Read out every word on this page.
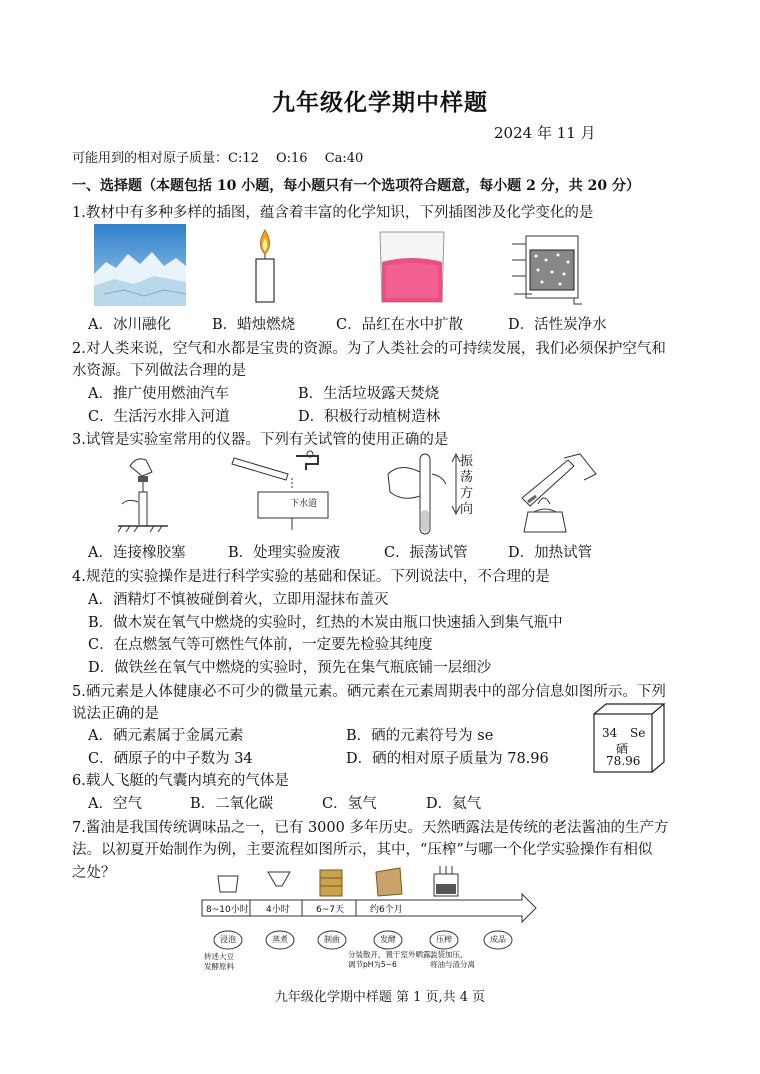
九年级化学期中样题
2024 年 11 月
可能用到的相对原子质量：C:12　 O:16 　Ca:40
一、选择题（本题包括 10 小题，每小题只有一个选项符合题意，每小题 2 分，共 20 分）
1.教材中有多种多样的插图，蕴含着丰富的化学知识，下列插图涉及化学变化的是
A．冰川融化	B．蜡烛燃烧	C．品红在水中扩散	D．活性炭净水
2.对人类来说，空气和水都是宝贵的资源。为了人类社会的可持续发展，我们必须保护空气和
水资源。下列做法合理的是
A．推广使用燃油汽车	B．生活垃圾露天焚烧
C．生活污水排入河道	D．积极行动植树造林
3.试管是实验室常用的仪器。下列有关试管的使用正确的是
下水道
振
荡
方
向
A．连接橡胶塞	B．处理实验废液	C．振荡试管	D．加热试管
4.规范的实验操作是进行科学实验的基础和保证。下列说法中，不合理的是
A．酒精灯不慎被碰倒着火，立即用湿抹布盖灭
B．做木炭在氧气中燃烧的实验时，红热的木炭由瓶口快速插入到集气瓶中
C．在点燃氢气等可燃性气体前，一定要先检验其纯度
D．做铁丝在氧气中燃烧的实验时，预先在集气瓶底铺一层细沙
5.硒元素是人体健康必不可少的微量元素。硒元素在元素周期表中的部分信息如图所示。下列
说法正确的是
A．硒元素属于金属元素	B．硒的元素符号为 se
C．硒原子的中子数为 34	D．硒的相对原子质量为 78.96
34 Se
硒
78.96
6.载人飞艇的气囊内填充的气体是
A．空气	B．二氧化碳	C．氢气	D．氦气
7.酱油是我国传统调味品之一，已有 3000 多年历史。天然晒露法是传统的老法酱油的生产方
法。以初夏开始制作为例，主要流程如图所示，其中，“压榨”与哪一个化学实验操作有相似
之处？
8~10小时 4小时	6~7天	约6个月
浸泡	蒸煮	制曲	发酵	压榨	成品
转述大豆
发酵原料
分装散开，置于室外晒露，
调节pH为5~6
装袋加压，
将油与渣分离
九年级化学期中样题 第 1 页,共 4 页
